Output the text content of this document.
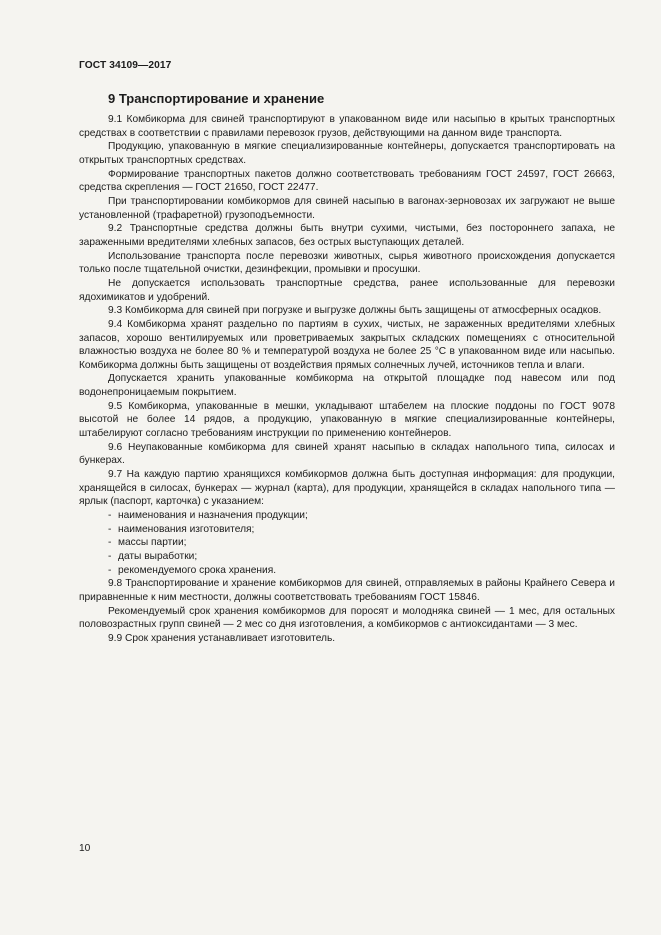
ГОСТ 34109—2017
9 Транспортирование и хранение

9.1 Комбикорма для свиней транспортируют в упакованном виде или насыпью в крытых транспортных средствах в соответствии с правилами перевозок грузов, действующими на данном виде транспорта.

Продукцию, упакованную в мягкие специализированные контейнеры, допускается транспортировать на открытых транспортных средствах.

Формирование транспортных пакетов должно соответствовать требованиям ГОСТ 24597, ГОСТ 26663, средства скрепления — ГОСТ 21650, ГОСТ 22477.

При транспортировании комбикормов для свиней насыпью в вагонах-зерновозах их загружают не выше установленной (трафаретной) грузоподъемности.

9.2 Транспортные средства должны быть внутри сухими, чистыми, без постороннего запаха, не зараженными вредителями хлебных запасов, без острых выступающих деталей.

Использование транспорта после перевозки животных, сырья животного происхождения допускается только после тщательной очистки, дезинфекции, промывки и просушки.

Не допускается использовать транспортные средства, ранее использованные для перевозки ядохимикатов и удобрений.

9.3 Комбикорма для свиней при погрузке и выгрузке должны быть защищены от атмосферных осадков.

9.4 Комбикорма хранят раздельно по партиям в сухих, чистых, не зараженных вредителями хлебных запасов, хорошо вентилируемых или проветриваемых закрытых складских помещениях с относительной влажностью воздуха не более 80 % и температурой воздуха не более 25 °С в упакованном виде или насыпью. Комбикорма должны быть защищены от воздействия прямых солнечных лучей, источников тепла и влаги.

Допускается хранить упакованные комбикорма на открытой площадке под навесом или под водонепроницаемым покрытием.

9.5 Комбикорма, упакованные в мешки, укладывают штабелем на плоские поддоны по ГОСТ 9078 высотой не более 14 рядов, а продукцию, упакованную в мягкие специализированные контейнеры, штабелируют согласно требованиям инструкции по применению контейнеров.

9.6 Неупакованные комбикорма для свиней хранят насыпью в складах напольного типа, силосах и бункерах.

9.7 На каждую партию хранящихся комбикормов должна быть доступная информация: для продукции, хранящейся в силосах, бункерах — журнал (карта), для продукции, хранящейся в складах напольного типа — ярлык (паспорт, карточка) с указанием:

- наименования и назначения продукции;
- наименования изготовителя;
- массы партии;
- даты выработки;
- рекомендуемого срока хранения.

9.8 Транспортирование и хранение комбикормов для свиней, отправляемых в районы Крайнего Севера и приравненные к ним местности, должны соответствовать требованиям ГОСТ 15846.

Рекомендуемый срок хранения комбикормов для поросят и молодняка свиней — 1 мес, для остальных половозрастных групп свиней — 2 мес со дня изготовления, а комбикормов с антиоксидантами — 3 мес.

9.9 Срок хранения устанавливает изготовитель.

10
